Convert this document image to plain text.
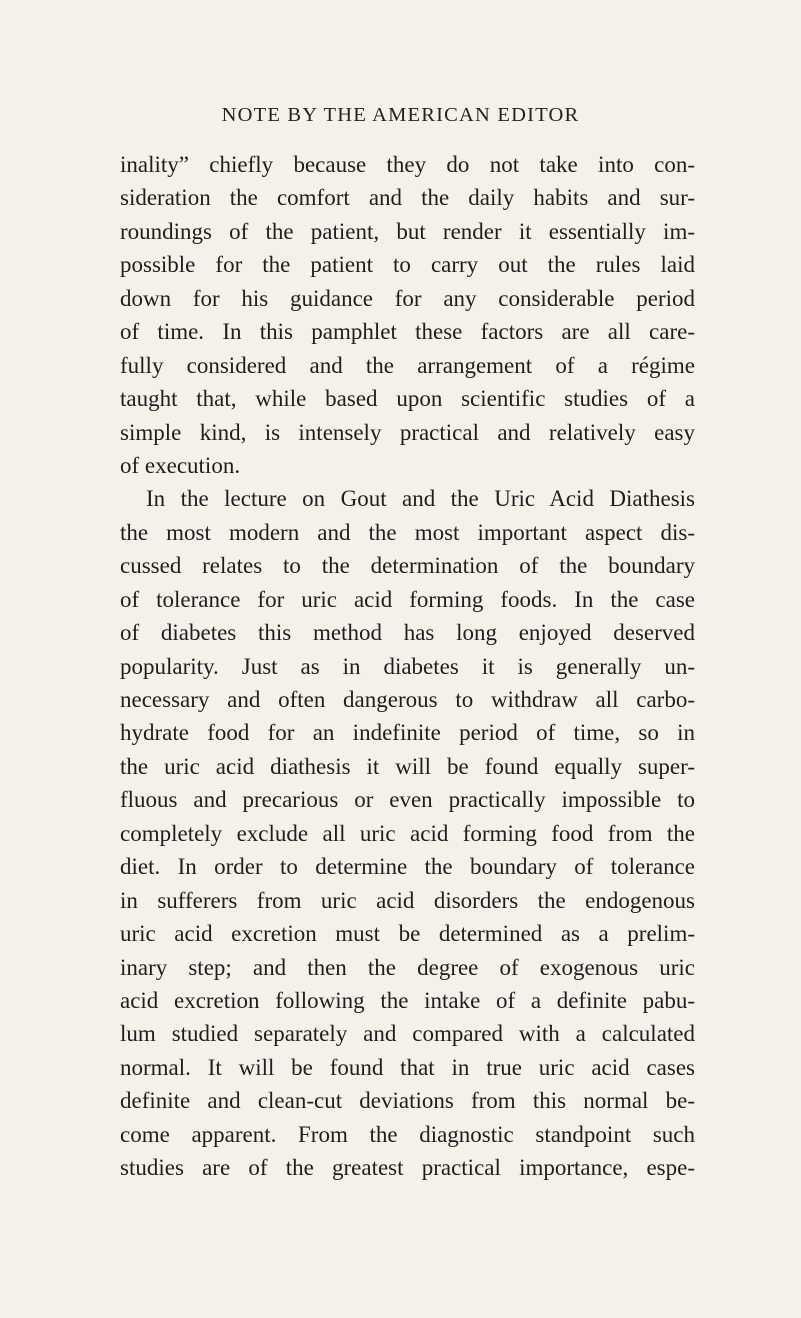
NOTE BY THE AMERICAN EDITOR
inality” chiefly because they do not take into con-
sideration the comfort and the daily habits and sur-
roundings of the patient, but render it essentially im-
possible for the patient to carry out the rules laid
down for his guidance for any considerable period
of time. In this pamphlet these factors are all care-
fully considered and the arrangement of a régime
taught that, while based upon scientific studies of a
simple kind, is intensely practical and relatively easy
of execution.
In the lecture on Gout and the Uric Acid Diathesis
the most modern and the most important aspect dis-
cussed relates to the determination of the boundary
of tolerance for uric acid forming foods. In the case
of diabetes this method has long enjoyed deserved
popularity. Just as in diabetes it is generally un-
necessary and often dangerous to withdraw all carbo-
hydrate food for an indefinite period of time, so in
the uric acid diathesis it will be found equally super-
fluous and precarious or even practically impossible to
completely exclude all uric acid forming food from the
diet. In order to determine the boundary of tolerance
in sufferers from uric acid disorders the endogenous
uric acid excretion must be determined as a prelim-
inary step; and then the degree of exogenous uric
acid excretion following the intake of a definite pabu-
lum studied separately and compared with a calculated
normal. It will be found that in true uric acid cases
definite and clean-cut deviations from this normal be-
come apparent. From the diagnostic standpoint such
studies are of the greatest practical importance, espe-
